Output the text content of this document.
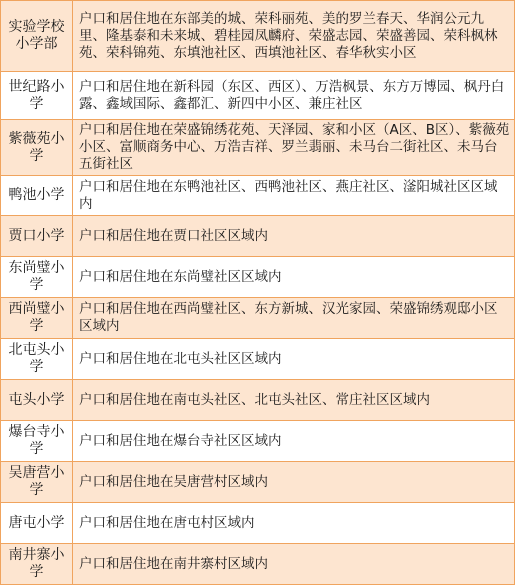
实验学校小学部	户口和居住地在东部美的城、荣科丽苑、美的罗兰春天、华润公元九里、隆基泰和未来城、碧桂园凤麟府、荣盛志园、荣盛善园、荣科枫林苑、荣科锦苑、东填池社区、西填池社区、春华秋实小区
世纪路小学	户口和居住地在新科园（东区、西区）、万浩枫景、东方万博园、枫丹白露、鑫域国际、鑫都汇、新四中小区、兼庄社区
紫薇苑小学	户口和居住地在荣盛锦绣花苑、天泽园、家和小区（A区、B区）、紫薇苑小区、富顺商务中心、万浩吉祥、罗兰翡丽、未马台二街社区、未马台五街社区
鸭池小学	户口和居住地在东鸭池社区、西鸭池社区、燕庄社区、滏阳城社区区域内
贾口小学	户口和居住地在贾口社区区域内
东尚璧小学	户口和居住地在东尚璧社区区域内
西尚璧小学	户口和居住地在西尚璧社区、东方新城、汉光家园、荣盛锦绣观邸小区区域内
北屯头小学	户口和居住地在北屯头社区区域内
屯头小学	户口和居住地在南屯头社区、北屯头社区、常庄社区区域内
爆台寺小学	户口和居住地在爆台寺社区区域内
吴唐营小学	户口和居住地在吴唐营村区域内
唐屯小学	户口和居住地在唐屯村区域内
南井寨小学	户口和居住地在南井寨村区域内
